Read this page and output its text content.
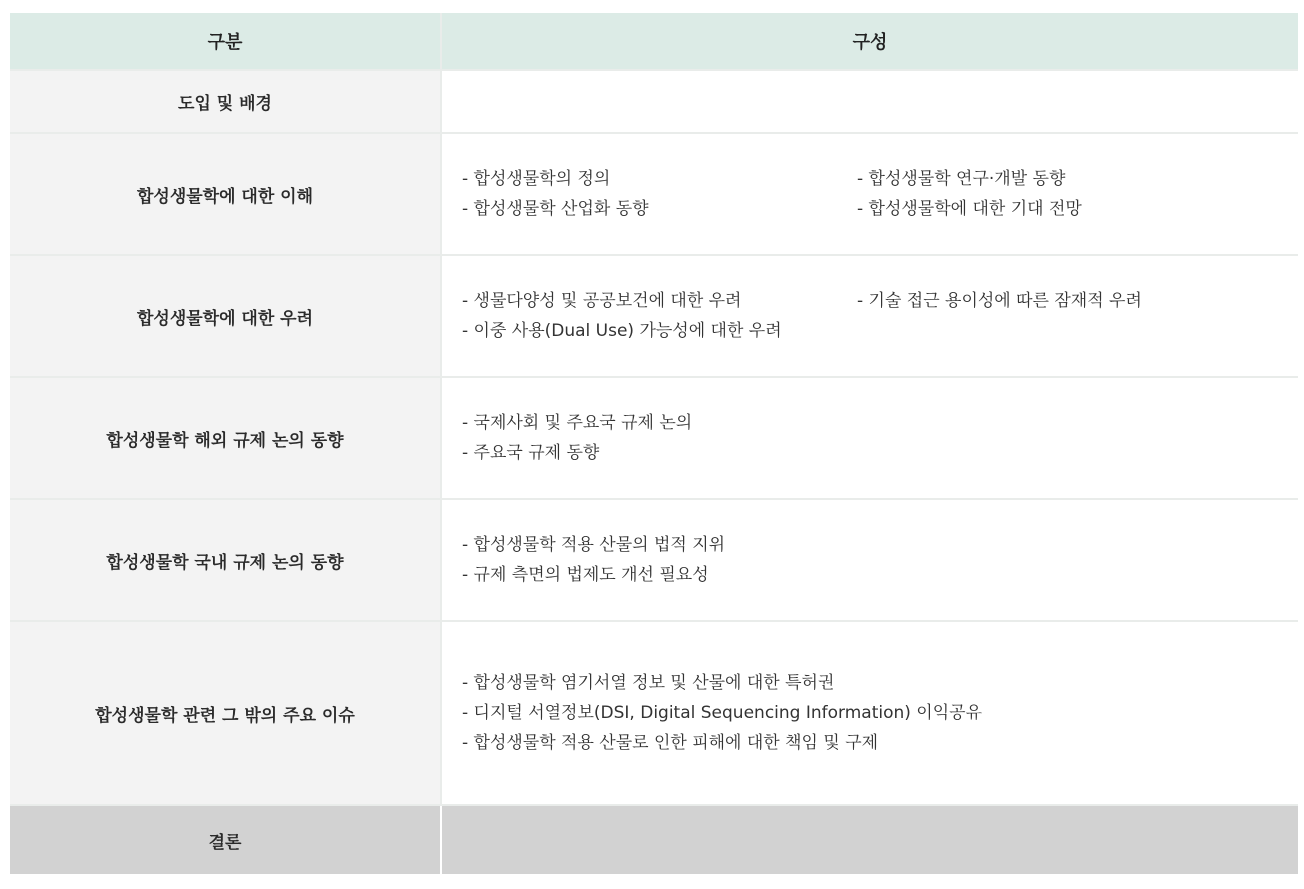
구분	구성
도입 및 배경	
합성생물학에 대한 이해	- 합성생물학의 정의 - 합성생물학 연구·개발 동향
- 합성생물학 산업화 동향 - 합성생물학에 대한 기대 전망

합성생물학에 대한 우려	- 생물다양성 및 공공보건에 대한 우려 - 기술 접근 용이성에 따른 잠재적 우려
- 이중 사용(Dual Use) 가능성에 대한 우려

합성생물학 해외 규제 논의 동향	- 국제사회 및 주요국 규제 논의
- 주요국 규제 동향

합성생물학 국내 규제 논의 동향	- 합성생물학 적용 산물의 법적 지위
- 규제 측면의 법제도 개선 필요성

합성생물학 관련 그 밖의 주요 이슈	- 합성생물학 염기서열 정보 및 산물에 대한 특허권
- 디지털 서열정보(DSI, Digital Sequencing Information) 이익공유
- 합성생물학 적용 산물로 인한 피해에 대한 책임 및 구제

결론	
